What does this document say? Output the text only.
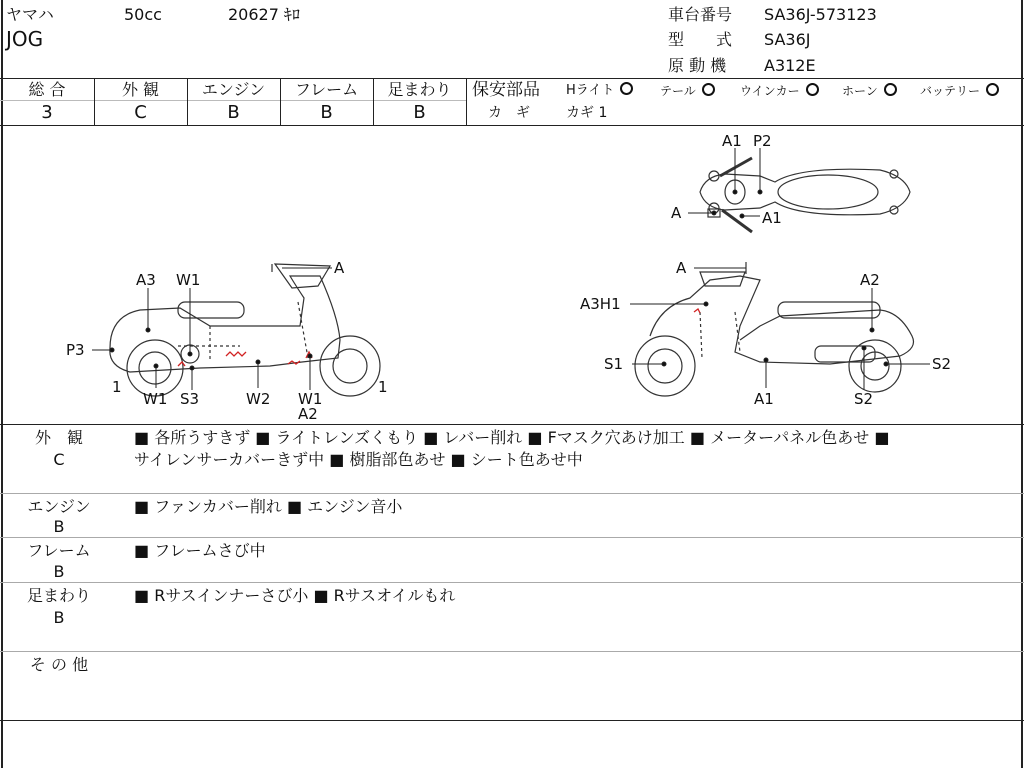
ヤマハ	50cc	20627 ｷﾛ
JOG
車台番号 SA36J-573123
型　　式 SA36J
原 動 機 A312E
総 合	外 観	エンジン	フレーム	足まわり
3	C	B	B	B
保安部品 Hライト	テール	ウインカー	ホーン	バッテリー
カ　ギ	カギ 1
A1 P2
A	A1
A3 W1
A
P3
1
W1 S3	W2 W1
A2
1
A
A2
A3H1
S1	S2
A1	S2
外　観
C
■ 各所うすきず ■ ライトレンズくもり ■ レバー削れ ■ Fマスク穴あけ加工 ■ メーターパネル色あせ ■
サイレンサーカバーきず中 ■ 樹脂部色あせ ■ シート色あせ中
エンジン
B
■ ファンカバー削れ ■ エンジン音小
フレーム
B
■ フレームさび中
足まわり
B
■ Rサスインナーさび小 ■ Rサスオイルもれ
そ の 他
